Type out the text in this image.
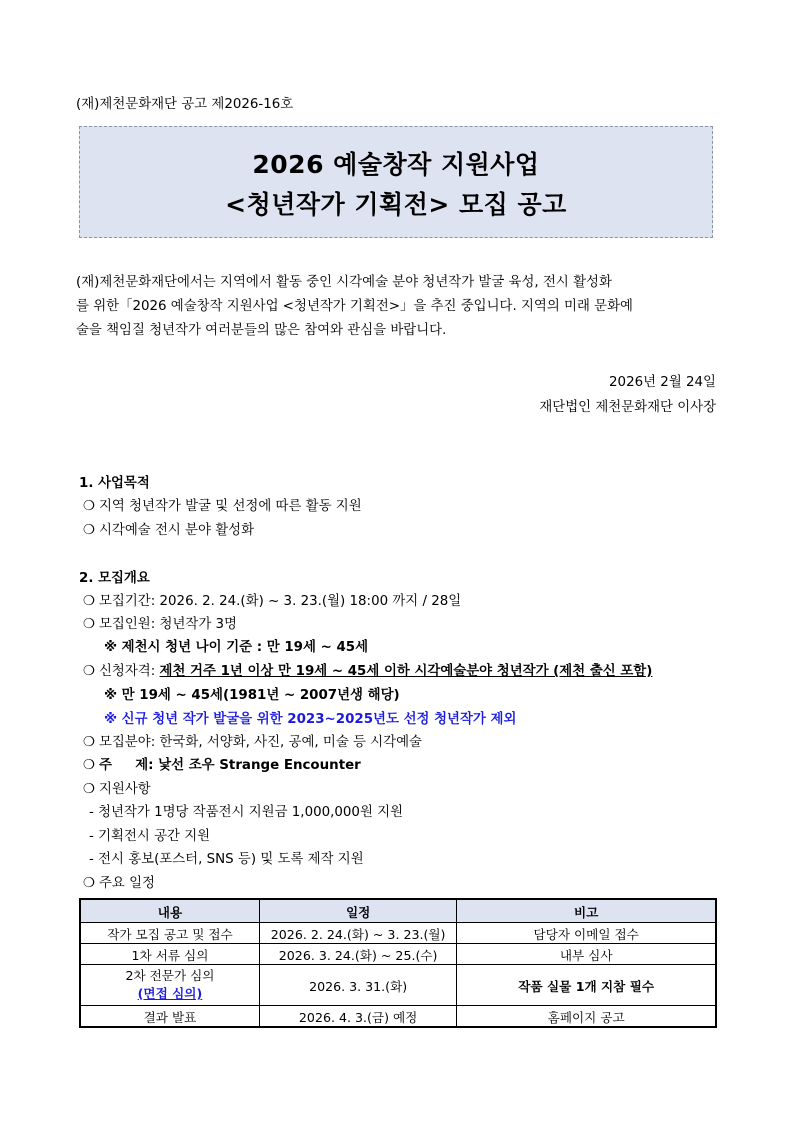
(재)제천문화재단 공고 제2026-16호
2026 예술창작 지원사업
<청년작가 기획전> 모집 공고
(재)제천문화재단에서는 지역에서 활동 중인 시각예술 분야 청년작가 발굴 육성, 전시 활성화
를 위한「2026 예술창작 지원사업 <청년작가 기획전>」을 추진 중입니다. 지역의 미래 문화예
술을 책임질 청년작가 여러분들의 많은 참여와 관심을 바랍니다.
2026년 2월 24일
재단법인 제천문화재단 이사장
1. 사업목적
❍ 지역 청년작가 발굴 및 선정에 따른 활동 지원
❍ 시각예술 전시 분야 활성화
2. 모집개요
❍ 모집기간: 2026. 2. 24.(화) ~ 3. 23.(월) 18:00 까지 / 28일
❍ 모집인원: 청년작가 3명
※ 제천시 청년 나이 기준 : 만 19세 ~ 45세
❍ 신청자격: 제천 거주 1년 이상 만 19세 ~ 45세 이하 시각예술분야 청년작가 (제천 출신 포함)
※ 만 19세 ~ 45세(1981년 ~ 2007년생 해당)
※ 신규 청년 작가 발굴을 위한 2023~2025년도 선정 청년작가 제외
❍ 모집분야: 한국화, 서양화, 사진, 공예, 미술 등 시각예술
❍ 주     제: 낯선 조우 Strange Encounter
❍ 지원사항
- 청년작가 1명당 작품전시 지원금 1,000,000원 지원
- 기획전시 공간 지원
- 전시 홍보(포스터, SNS 등) 및 도록 제작 지원
❍ 주요 일정
내용	일정	비고
작가 모집 공고 및 접수	2026. 2. 24.(화) ~ 3. 23.(월)	담당자 이메일 접수
1차 서류 심의	2026. 3. 24.(화) ~ 25.(수)	내부 심사

2차 전문가 심의
(면접 심의)	2026. 3. 31.(화)	작품 실물 1개 지참 필수
결과 발표	2026. 4. 3.(금) 예정	홈페이지 공고
